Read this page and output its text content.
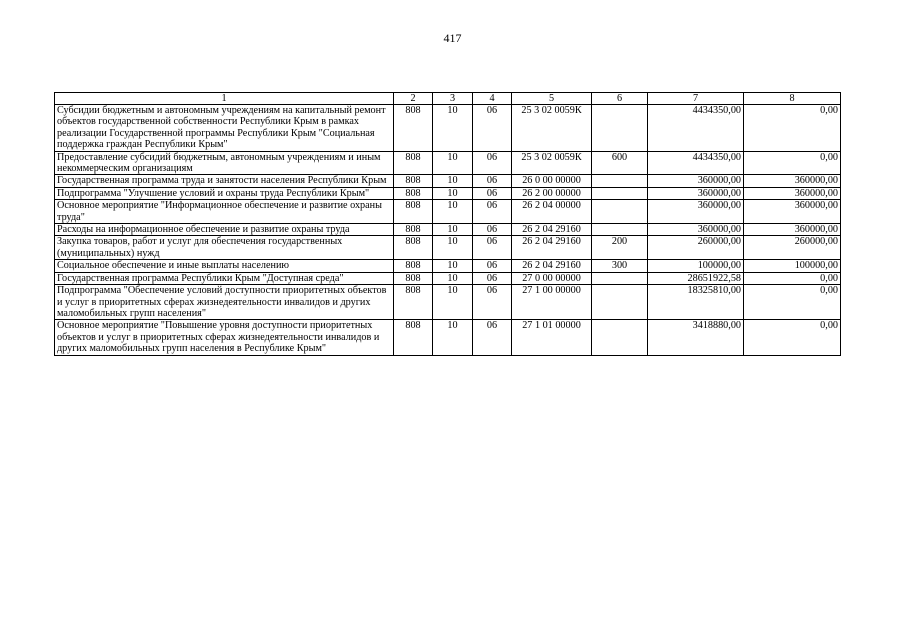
417
1	2	3	4	5	6	7	8
Субсидии бюджетным и автономным учреждениям на капитальный ремонт объектов государственной собственности Республики Крым в рамках реализации Государственной программы Республики Крым "Социальная поддержка граждан Республики Крым"	808	10	06	25 3 02 0059К		4434350,00	0,00
Предоставление субсидий бюджетным, автономным учреждениям и иным некоммерческим организациям	808	10	06	25 3 02 0059К	600	4434350,00	0,00
Государственная программа труда и занятости населения Республики Крым	808	10	06	26 0 00 00000		360000,00	360000,00
Подпрограмма "Улучшение условий и охраны труда Республики Крым"	808	10	06	26 2 00 00000		360000,00	360000,00
Основное мероприятие "Информационное обеспечение и развитие охраны труда"	808	10	06	26 2 04 00000		360000,00	360000,00
Расходы на информационное обеспечение и развитие охраны труда	808	10	06	26 2 04 29160		360000,00	360000,00
Закупка товаров, работ и услуг для обеспечения государственных (муниципальных) нужд	808	10	06	26 2 04 29160	200	260000,00	260000,00
Социальное обеспечение и иные выплаты населению	808	10	06	26 2 04 29160	300	100000,00	100000,00
Государственная программа Республики Крым "Доступная среда"	808	10	06	27 0 00 00000		28651922,58	0,00
Подпрограмма "Обеспечение условий доступности приоритетных объектов и услуг в приоритетных сферах жизнедеятельности инвалидов и других маломобильных групп населения"	808	10	06	27 1 00 00000		18325810,00	0,00
Основное мероприятие "Повышение уровня доступности приоритетных объектов и услуг в приоритетных сферах жизнедеятельности инвалидов и других маломобильных групп населения в Республике Крым"	808	10	06	27 1 01 00000		3418880,00	0,00
